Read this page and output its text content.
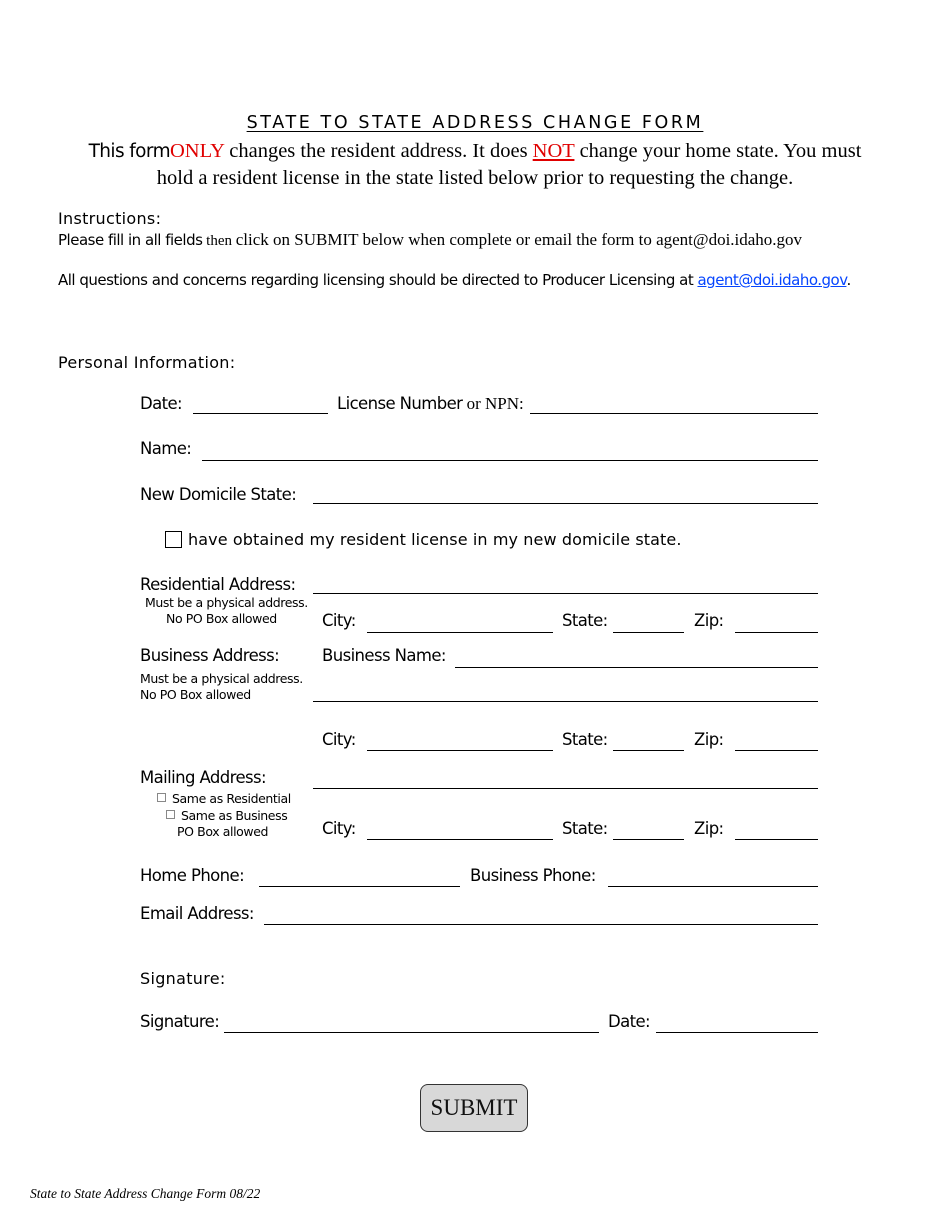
STATE TO STATE ADDRESS CHANGE FORM
This formONLY changes the resident address. It does NOT change your home state. You must hold a resident license in the state listed below prior to requesting the change.
Instructions:
Please fill in all fields then click on SUBMIT below when complete or email the form to agent@doi.idaho.gov
All questions and concerns regarding licensing should be directed to Producer Licensing at agent@doi.idaho.gov.
Personal Information:
Date:	License Number or NPN:
Name:
New Domicile State:
have obtained my resident license in my new domicile state.
Residential Address:
Must be a physical address.
No PO Box allowed	City:	State:	Zip:
Business Address:	Business Name:
Must be a physical address.
No PO Box allowed
City:	State:	Zip:
Mailing Address:
Same as Residential
Same as Business
PO Box allowed	City:	State:	Zip:
Home Phone:	Business Phone:
Email Address:
Signature:
Signature:	Date:
SUBMIT
State to State Address Change Form 08/22
